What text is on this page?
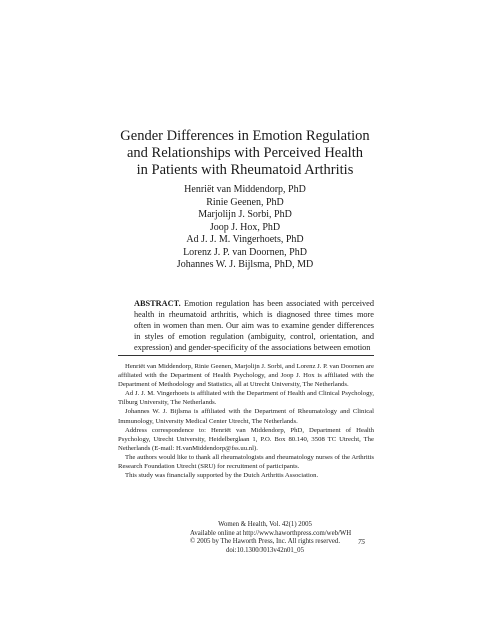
Gender Differences in Emotion Regulation
and Relationships with Perceived Health
in Patients with Rheumatoid Arthritis
Henriët van Middendorp, PhD
Rinie Geenen, PhD
Marjolijn J. Sorbi, PhD
Joop J. Hox, PhD
Ad J. J. M. Vingerhoets, PhD
Lorenz J. P. van Doornen, PhD
Johannes W. J. Bijlsma, PhD, MD
ABSTRACT. Emotion regulation has been associated with perceived health in rheumatoid arthritis, which is diagnosed three times more often in women than men. Our aim was to examine gender differences in styles of emotion regulation (ambiguity, control, orientation, and expression) and gender-specificity of the associations between emotion

Henriët van Middendorp, Rinie Geenen, Marjolijn J. Sorbi, and Lorenz J. P. van Doornen are affiliated with the Department of Health Psychology, and Joop J. Hox is affiliated with the Department of Methodology and Statistics, all at Utrecht University, The Netherlands.

Ad J. J. M. Vingerhoets is affiliated with the Department of Health and Clinical Psychology, Tilburg University, The Netherlands.

Johannes W. J. Bijlsma is affiliated with the Department of Rheumatology and Clinical Immunology, University Medical Center Utrecht, The Netherlands.

Address correspondence to: Henriët van Middendorp, PhD, Department of Health Psychology, Utrecht University, Heidelberglaan 1, P.O. Box 80.140, 3508 TC Utrecht, The Netherlands (E-mail: H.vanMiddendorp@fss.uu.nl).

The authors would like to thank all rheumatologists and rheumatology nurses of the Arthritis Research Foundation Utrecht (SRU) for recruitment of participants.

This study was financially supported by the Dutch Arthritis Association.

Women & Health, Vol. 42(1) 2005
Available online at http://www.haworthpress.com/web/WH
© 2005 by The Haworth Press, Inc. All rights reserved.
doi:10.1300/J013v42n01_05
75
